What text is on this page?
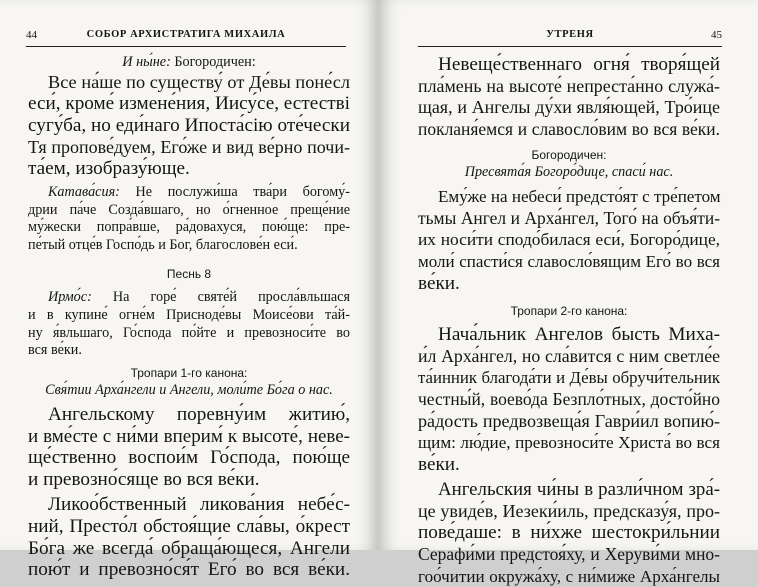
44	СОБОР АРХИСТРАТИГА МИХАИЛА
И ны́не: Богородичен:
Все на́ше по существу́ от Де́вы поне́сл
еси́, кроме́ измене́ния, Иису́се, естестві
сугу́ба, но еди́наго Ипоста́сію оте́чески
Тя пропове́дуем, Его́же и вид ве́рно почи-
та́ем, изобразу́юще.
Катава́сия: Не послужи́ша тва́ри богому́-
дрии па́че Созда́вшаго, но о́гненное преще́ние
му́жески попра́вше, ра́довахуся, пою́ще: пре-
пе́тый отце́в Госпо́дь и Бог, благослове́н еси́.
Песнь 8
Ирмо́с: На горе́ святе́й просла́вльшася
и в купине́ огне́м Присноде́вы Моисе́ови та́й-
ну я́вльшаго, Го́спода по́йте и превозноси́те во
вся ве́ки.
Тропари 1-го канона:
Свя́тии Арха́нгели и Ангели, моли́те Бо́га о нас.
Ангельскому поревну́им житию́,
и вме́сте с ни́ми вперим́ к высоте́, неве-
ще́ственно воспои́м Го́спода, пою́ще
и превозно́сяще во вся ве́ки.
Ликоо́бственный ликова́ния небе́с-
ний, Престо́л обстоя́щие сла́вы, о́крест
Бо́га же всегда́ обраща́ющеся, Ангели
пою́т и превозно́ся́т Его́ во вся ве́ки.
УТРЕНЯ	45
Невеще́ственнаго огня́ творя́щей
пла́мень на высоте́ непреста́нно служа́-
щая, и Ангелы ду́хи явля́ющей, Тро́ице
покланя́емся и славосло́вим во вся ве́ки.
Богородичен:
Пресвята́я Богоро́дице, спаси́ нас.
Ему́же на небеси́ предсто́ят с тре́петом
тьмы Ангел и Арха́нгел, Того́ на объя́ти-
их носи́ти сподо́билася еси́, Богоро́дице,
моли́ спасти́ся славосло́вящим Его́ во вся
ве́ки.
Тропари 2-го канона:
Нача́льник Ангелов бысть Миха-
и́л Арха́нгел, но сла́вится с ним светле́е
та́инник благода́ти и Де́вы обручи́тельник
честны́й, воево́да Безпло́тных, досто́йно
ра́дость предвозвеща́я Гаври́ил вопию́-
щим: лю́дие, превозноси́те Христа́ во вся
ве́ки.
Ангельския чи́ны в разли́чном зра́-
це увиде́в, Иезеки́иль, предсказу́я, про-
пове́даше: в ни́хже шестокри́льнии
Серафи́ми предстоя́ху, и Херуви́ми мно-
гоо́читии окружа́ху, с ни́миже Арха́нгелы
